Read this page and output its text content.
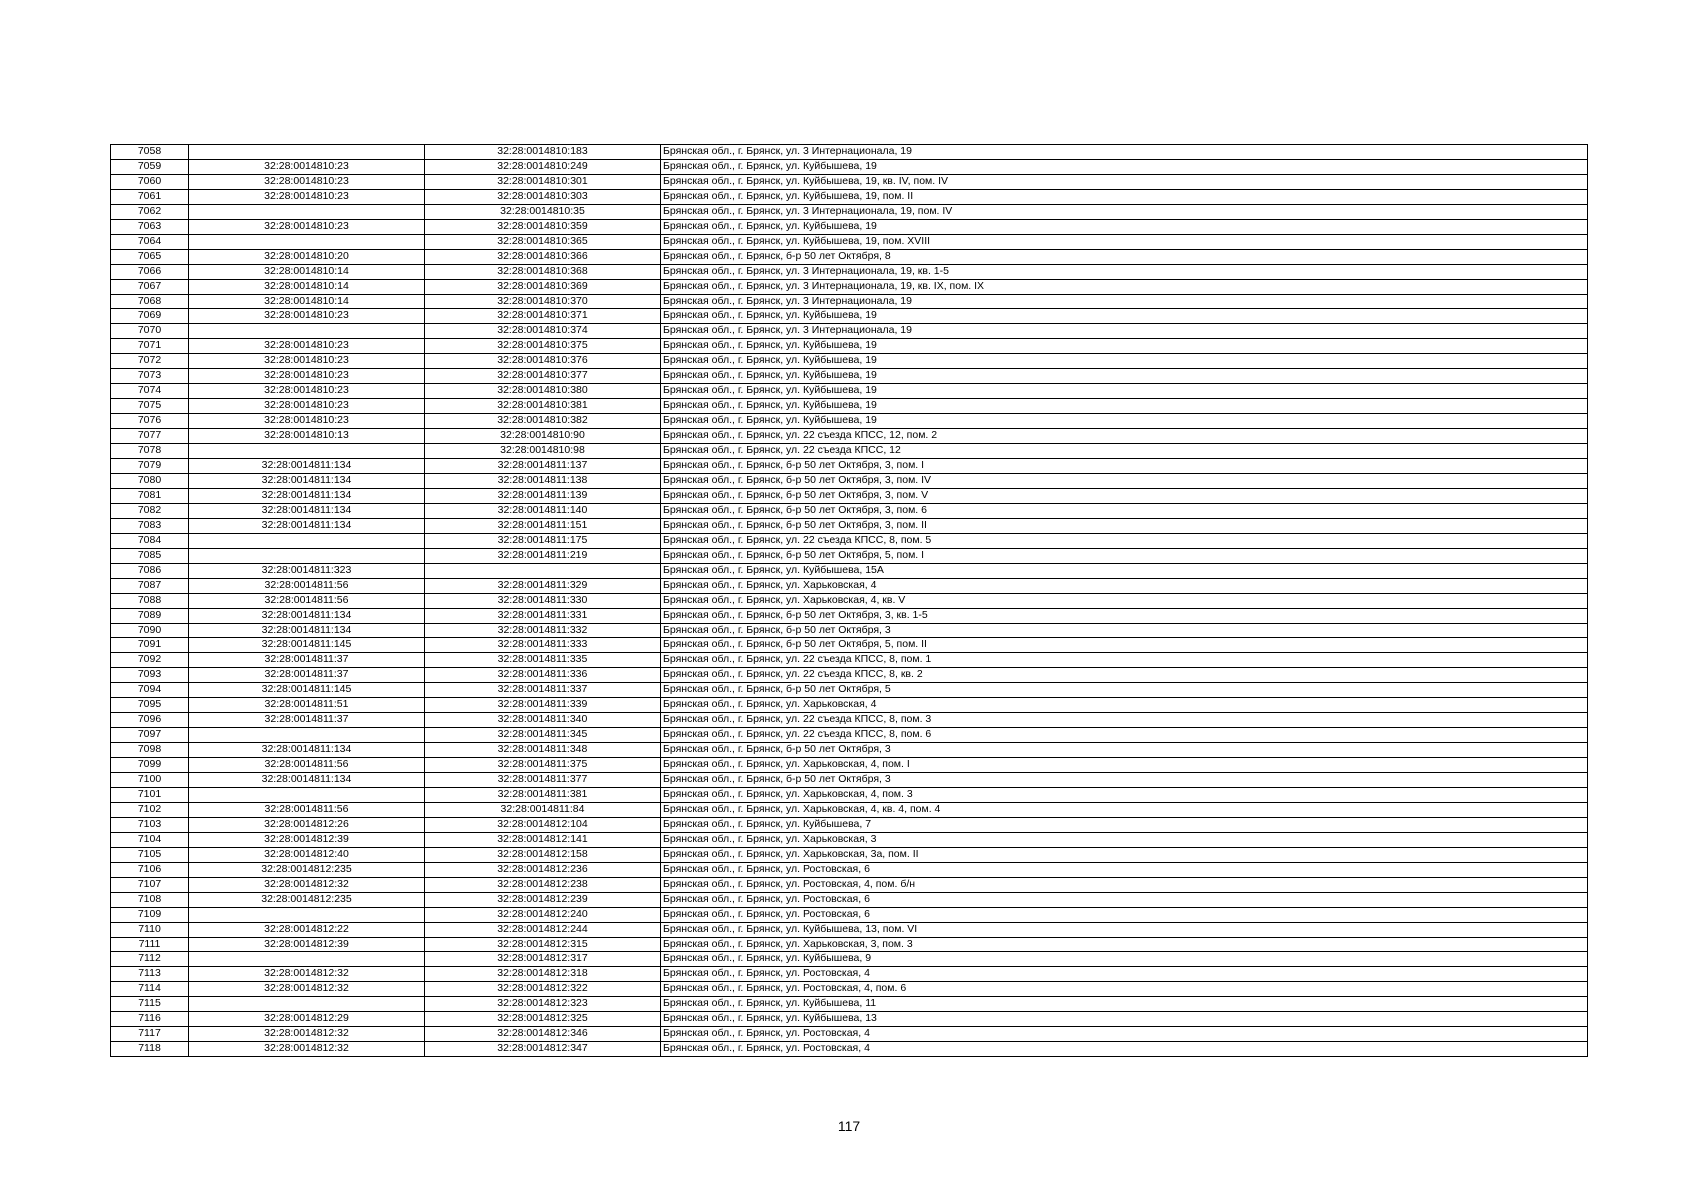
7058		32:28:0014810:183	Брянская обл., г. Брянск, ул. 3 Интернационала, 19
7059	32:28:0014810:23	32:28:0014810:249	Брянская обл., г. Брянск, ул. Куйбышева, 19
7060	32:28:0014810:23	32:28:0014810:301	Брянская обл., г. Брянск, ул. Куйбышева, 19, кв. IV, пом. IV
7061	32:28:0014810:23	32:28:0014810:303	Брянская обл., г. Брянск, ул. Куйбышева, 19, пом. II
7062		32:28:0014810:35	Брянская обл., г. Брянск, ул. 3 Интернационала, 19, пом. IV
7063	32:28:0014810:23	32:28:0014810:359	Брянская обл., г. Брянск, ул. Куйбышева, 19
7064		32:28:0014810:365	Брянская обл., г. Брянск, ул. Куйбышева, 19, пом. XVIII
7065	32:28:0014810:20	32:28:0014810:366	Брянская обл., г. Брянск, б-р 50 лет Октября, 8
7066	32:28:0014810:14	32:28:0014810:368	Брянская обл., г. Брянск, ул. 3 Интернационала, 19, кв. 1-5
7067	32:28:0014810:14	32:28:0014810:369	Брянская обл., г. Брянск, ул. 3 Интернационала, 19, кв. IX, пом. IX
7068	32:28:0014810:14	32:28:0014810:370	Брянская обл., г. Брянск, ул. 3 Интернационала, 19
7069	32:28:0014810:23	32:28:0014810:371	Брянская обл., г. Брянск, ул. Куйбышева, 19
7070		32:28:0014810:374	Брянская обл., г. Брянск, ул. 3 Интернационала, 19
7071	32:28:0014810:23	32:28:0014810:375	Брянская обл., г. Брянск, ул. Куйбышева, 19
7072	32:28:0014810:23	32:28:0014810:376	Брянская обл., г. Брянск, ул. Куйбышева, 19
7073	32:28:0014810:23	32:28:0014810:377	Брянская обл., г. Брянск, ул. Куйбышева, 19
7074	32:28:0014810:23	32:28:0014810:380	Брянская обл., г. Брянск, ул. Куйбышева, 19
7075	32:28:0014810:23	32:28:0014810:381	Брянская обл., г. Брянск, ул. Куйбышева, 19
7076	32:28:0014810:23	32:28:0014810:382	Брянская обл., г. Брянск, ул. Куйбышева, 19
7077	32:28:0014810:13	32:28:0014810:90	Брянская обл., г. Брянск, ул. 22 съезда КПСС, 12, пом. 2
7078		32:28:0014810:98	Брянская обл., г. Брянск, ул. 22 съезда КПСС, 12
7079	32:28:0014811:134	32:28:0014811:137	Брянская обл., г. Брянск, б-р 50 лет Октября, 3, пом. I
7080	32:28:0014811:134	32:28:0014811:138	Брянская обл., г. Брянск, б-р 50 лет Октября, 3, пом. IV
7081	32:28:0014811:134	32:28:0014811:139	Брянская обл., г. Брянск, б-р 50 лет Октября, 3, пом. V
7082	32:28:0014811:134	32:28:0014811:140	Брянская обл., г. Брянск, б-р 50 лет Октября, 3, пом. 6
7083	32:28:0014811:134	32:28:0014811:151	Брянская обл., г. Брянск, б-р 50 лет Октября, 3, пом. II
7084		32:28:0014811:175	Брянская обл., г. Брянск, ул. 22 съезда КПСС, 8, пом. 5
7085		32:28:0014811:219	Брянская обл., г. Брянск, б-р 50 лет Октября, 5, пом. I
7086	32:28:0014811:323		Брянская обл., г. Брянск, ул. Куйбышева, 15А
7087	32:28:0014811:56	32:28:0014811:329	Брянская обл., г. Брянск, ул. Харьковская, 4
7088	32:28:0014811:56	32:28:0014811:330	Брянская обл., г. Брянск, ул. Харьковская, 4, кв. V
7089	32:28:0014811:134	32:28:0014811:331	Брянская обл., г. Брянск, б-р 50 лет Октября, 3, кв. 1-5
7090	32:28:0014811:134	32:28:0014811:332	Брянская обл., г. Брянск, б-р 50 лет Октября, 3
7091	32:28:0014811:145	32:28:0014811:333	Брянская обл., г. Брянск, б-р 50 лет Октября, 5, пом. II
7092	32:28:0014811:37	32:28:0014811:335	Брянская обл., г. Брянск, ул. 22 съезда КПСС, 8, пом. 1
7093	32:28:0014811:37	32:28:0014811:336	Брянская обл., г. Брянск, ул. 22 съезда КПСС, 8, кв. 2
7094	32:28:0014811:145	32:28:0014811:337	Брянская обл., г. Брянск, б-р 50 лет Октября, 5
7095	32:28:0014811:51	32:28:0014811:339	Брянская обл., г. Брянск, ул. Харьковская, 4
7096	32:28:0014811:37	32:28:0014811:340	Брянская обл., г. Брянск, ул. 22 съезда КПСС, 8, пом. 3
7097		32:28:0014811:345	Брянская обл., г. Брянск, ул. 22 съезда КПСС, 8, пом. 6
7098	32:28:0014811:134	32:28:0014811:348	Брянская обл., г. Брянск, б-р 50 лет Октября, 3
7099	32:28:0014811:56	32:28:0014811:375	Брянская обл., г. Брянск, ул. Харьковская, 4, пом. I
7100	32:28:0014811:134	32:28:0014811:377	Брянская обл., г. Брянск, б-р 50 лет Октября, 3
7101		32:28:0014811:381	Брянская обл., г. Брянск, ул. Харьковская, 4, пом. 3
7102	32:28:0014811:56	32:28:0014811:84	Брянская обл., г. Брянск, ул. Харьковская, 4, кв. 4, пом. 4
7103	32:28:0014812:26	32:28:0014812:104	Брянская обл., г. Брянск, ул. Куйбышева, 7
7104	32:28:0014812:39	32:28:0014812:141	Брянская обл., г. Брянск, ул. Харьковская, 3
7105	32:28:0014812:40	32:28:0014812:158	Брянская обл., г. Брянск, ул. Харьковская, 3а, пом. II
7106	32:28:0014812:235	32:28:0014812:236	Брянская обл., г. Брянск, ул. Ростовская, 6
7107	32:28:0014812:32	32:28:0014812:238	Брянская обл., г. Брянск, ул. Ростовская, 4, пом. б/н
7108	32:28:0014812:235	32:28:0014812:239	Брянская обл., г. Брянск, ул. Ростовская, 6
7109		32:28:0014812:240	Брянская обл., г. Брянск, ул. Ростовская, 6
7110	32:28:0014812:22	32:28:0014812:244	Брянская обл., г. Брянск, ул. Куйбышева, 13, пом. VI
7111	32:28:0014812:39	32:28:0014812:315	Брянская обл., г. Брянск, ул. Харьковская, 3, пом. 3
7112		32:28:0014812:317	Брянская обл., г. Брянск, ул. Куйбышева, 9
7113	32:28:0014812:32	32:28:0014812:318	Брянская обл., г. Брянск, ул. Ростовская, 4
7114	32:28:0014812:32	32:28:0014812:322	Брянская обл., г. Брянск, ул. Ростовская, 4, пом. 6
7115		32:28:0014812:323	Брянская обл., г. Брянск, ул. Куйбышева, 11
7116	32:28:0014812:29	32:28:0014812:325	Брянская обл., г. Брянск, ул. Куйбышева, 13
7117	32:28:0014812:32	32:28:0014812:346	Брянская обл., г. Брянск, ул. Ростовская, 4
7118	32:28:0014812:32	32:28:0014812:347	Брянская обл., г. Брянск, ул. Ростовская, 4
117
